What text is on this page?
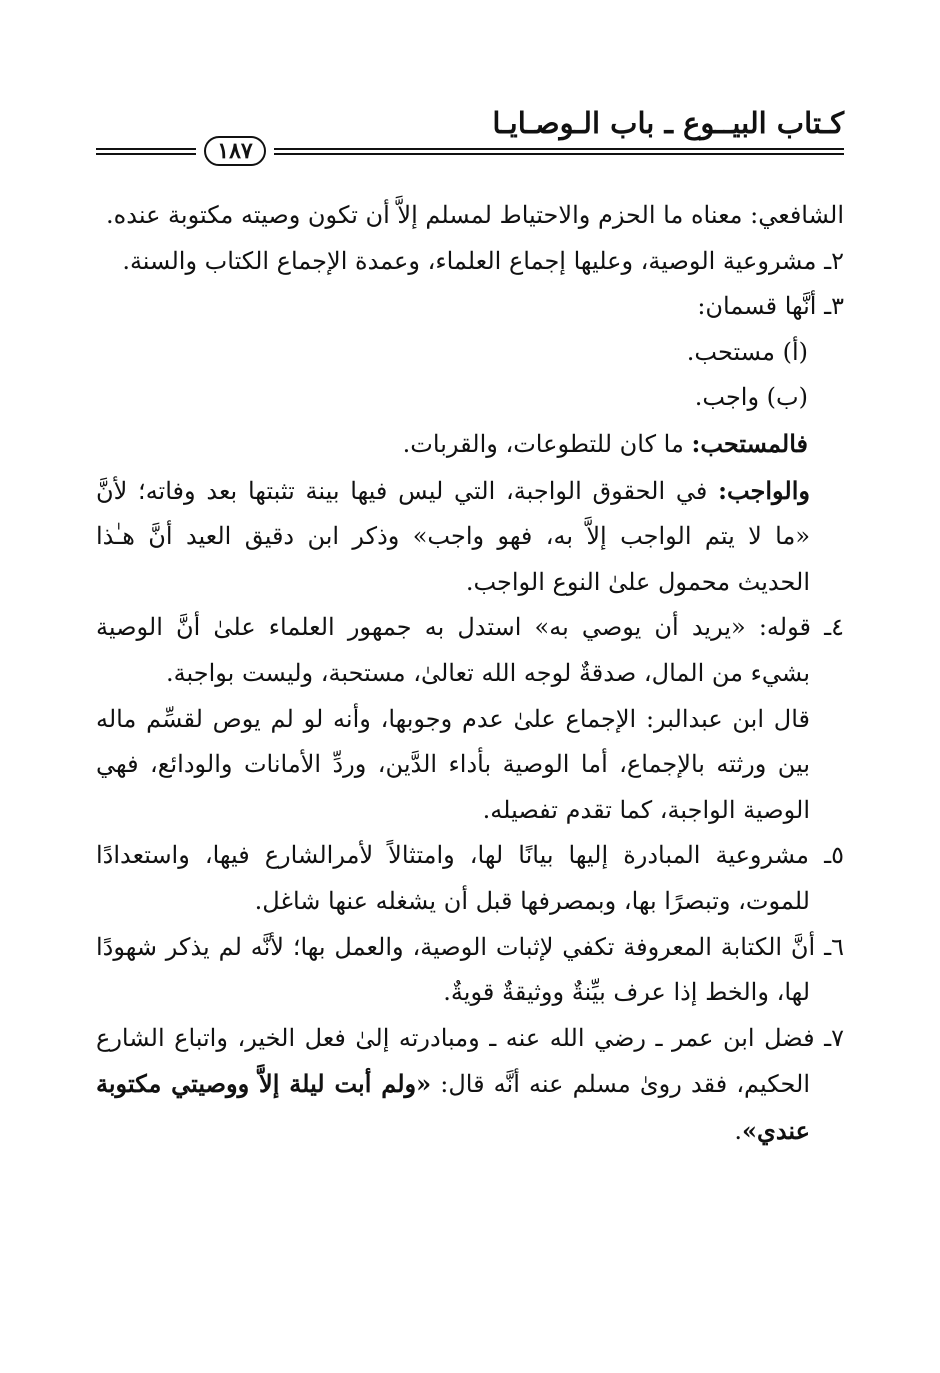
كـتاب البيــوع ـ باب الـوصـايـا
١٨٧

الشافعي: معناه ما الحزم والاحتياط لمسلم إلاَّ أن تكون وصيته مكتوبة عنده.

٢ـ مشروعية الوصية، وعليها إجماع العلماء، وعمدة الإجماع الكتاب والسنة.

٣ـ أنَّها قسمان:

(أ) مستحب.

(ب) واجب.

فالمستحب: ما كان للتطوعات، والقربات.

والواجب: في الحقوق الواجبة، التي ليس فيها بينة تثبتها بعد وفاته؛ لأنَّ «ما لا يتم الواجب إلاَّ به، فهو واجب» وذكر ابن دقيق العيد أنَّ هـٰذا الحديث محمول علىٰ النوع الواجب.

٤ـ قوله: «يريد أن يوصي به» استدل به جمهور العلماء علىٰ أنَّ الوصية بشيء من المال، صدقةٌ لوجه الله تعالىٰ، مستحبة، وليست بواجبة.

قال ابن عبدالبر: الإجماع علىٰ عدم وجوبها، وأنه لو لم يوص لقسِّم ماله بين ورثته بالإجماع، أما الوصية بأداء الدَّين، وردِّ الأمانات والودائع، فهي الوصية الواجبة، كما تقدم تفصيله.

٥ـ مشروعية المبادرة إليها بيانًا لها، وامتثالاً لأمرالشارع فيها، واستعدادًا للموت، وتبصرًا بها، وبمصرفها قبل أن يشغله عنها شاغل.

٦ـ أنَّ الكتابة المعروفة تكفي لإثبات الوصية، والعمل بها؛ لأنَّه لم يذكر شهودًا لها، والخط إذا عرف بيِّنةٌ ووثيقةٌ قويةٌ.

٧ـ فضل ابن عمر ـ رضي الله عنه ـ ومبادرته إلىٰ فعل الخير، واتباع الشارع الحكيم، فقد روىٰ مسلم عنه أنَّه قال: «ولم أبت ليلة إلاَّ ووصيتي مكتوبة عندي».
